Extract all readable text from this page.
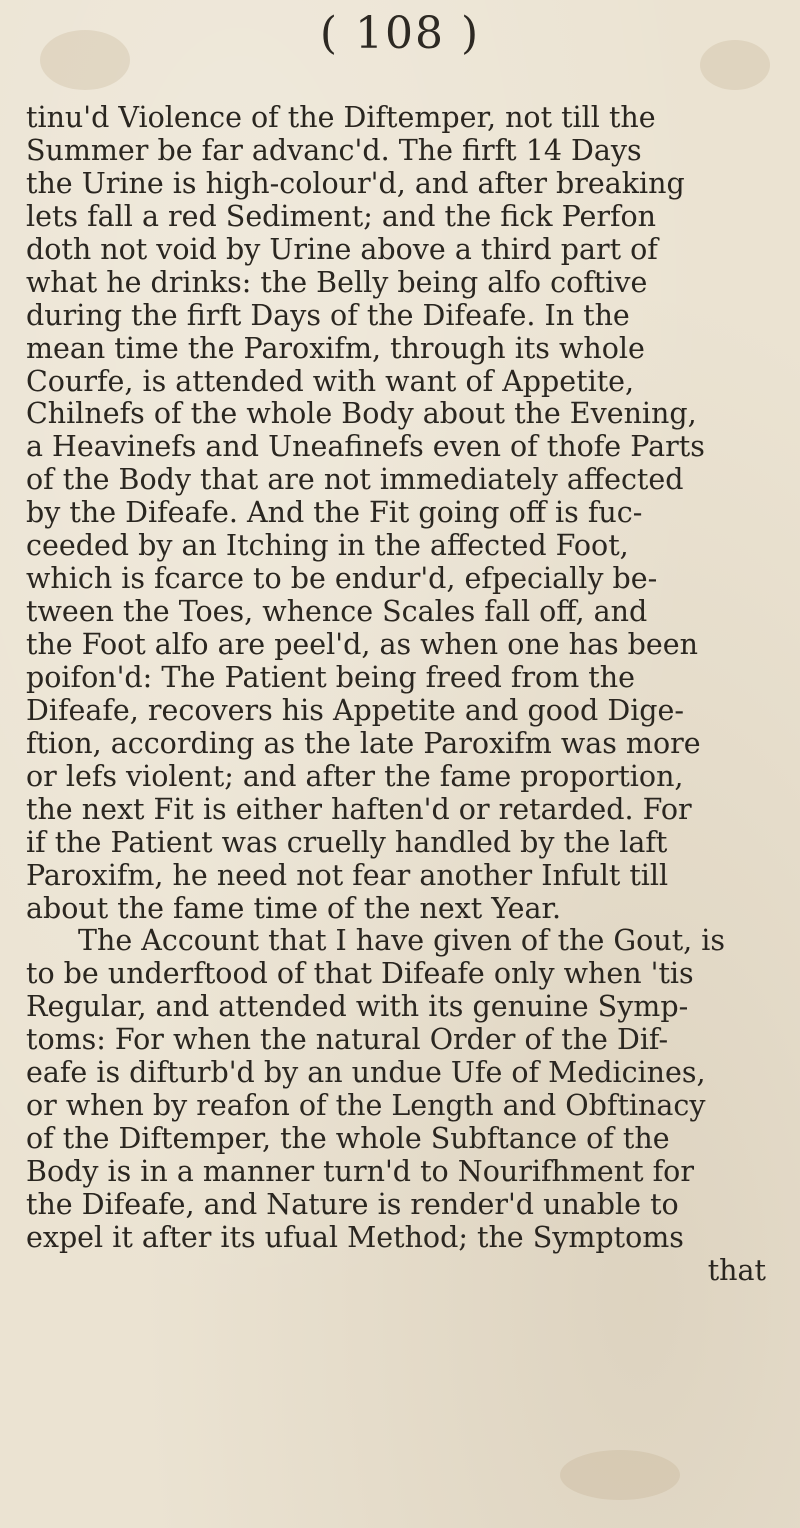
( 108 )
tinu'd Violence of the Diftemper, not till the
Summer be far advanc'd. The firft 14 Days
the Urine is high-colour'd, and after breaking
lets fall a red Sediment; and the fick Perfon
doth not void by Urine above a third part of
what he drinks: the Belly being alfo coftive
during the firft Days of the Difeafe. In the
mean time the Paroxifm, through its whole
Courfe, is attended with want of Appetite,
Chilnefs of the whole Body about the Evening,
a Heavinefs and Uneafinefs even of thofe Parts
of the Body that are not immediately affected
by the Difeafe. And the Fit going off is fuc-
ceeded by an Itching in the affected Foot,
which is fcarce to be endur'd, efpecially be-
tween the Toes, whence Scales fall off, and
the Foot alfo are peel'd, as when one has been
poifon'd: The Patient being freed from the
Difeafe, recovers his Appetite and good Dige-
ftion, according as the late Paroxifm was more
or lefs violent; and after the fame proportion,
the next Fit is either haften'd or retarded. For
if the Patient was cruelly handled by the laft
Paroxifm, he need not fear another Infult till
about the fame time of the next Year.
The Account that I have given of the Gout, is
to be underftood of that Difeafe only when 'tis
Regular, and attended with its genuine Symp-
toms: For when the natural Order of the Dif-
eafe is difturb'd by an undue Ufe of Medicines,
or when by reafon of the Length and Obftinacy
of the Diftemper, the whole Subftance of the
Body is in a manner turn'd to Nourifhment for
the Difeafe, and Nature is render'd unable to
expel it after its ufual Method; the Symptoms
that
